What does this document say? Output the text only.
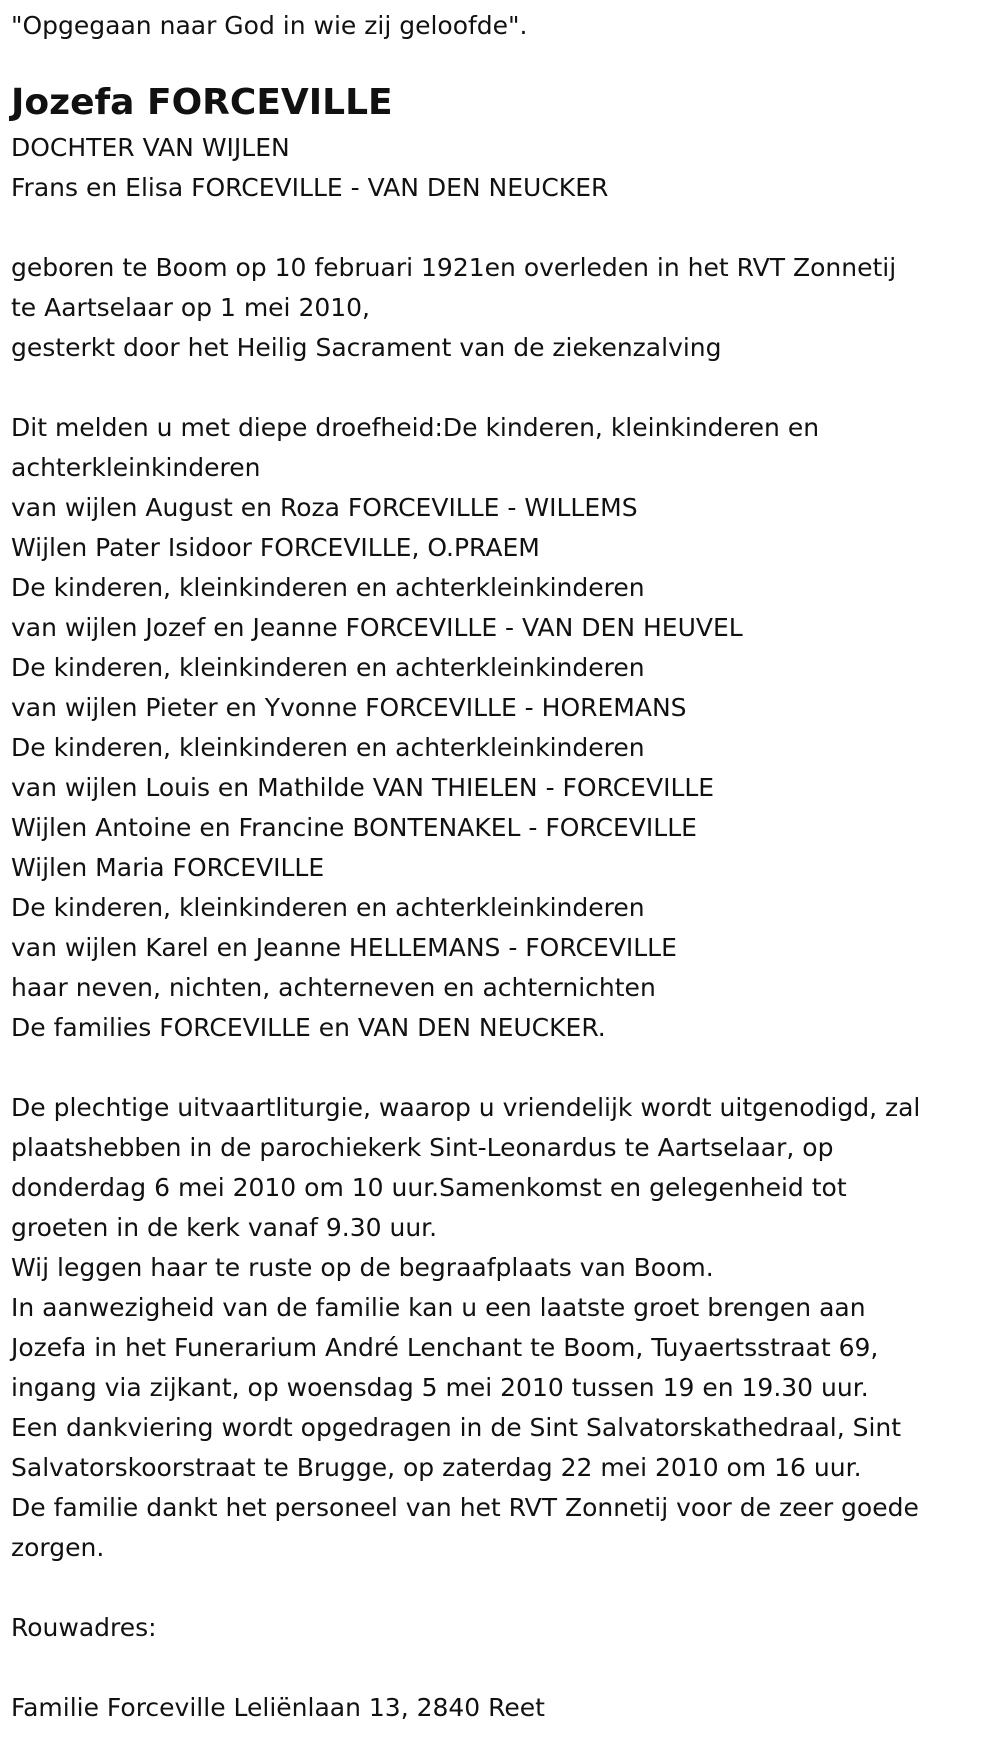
"Opgegaan naar God in wie zij geloofde".
Jozefa FORCEVILLE
DOCHTER VAN WIJLEN
Frans en Elisa FORCEVILLE - VAN DEN NEUCKER
geboren te Boom op 10 februari 1921en overleden in het RVT Zonnetij
te Aartselaar op 1 mei 2010,
gesterkt door het Heilig Sacrament van de ziekenzalving
Dit melden u met diepe droefheid:De kinderen, kleinkinderen en
achterkleinkinderen
van wijlen August en Roza FORCEVILLE - WILLEMS
Wijlen Pater Isidoor FORCEVILLE, O.PRAEM
De kinderen, kleinkinderen en achterkleinkinderen
van wijlen Jozef en Jeanne FORCEVILLE - VAN DEN HEUVEL
De kinderen, kleinkinderen en achterkleinkinderen
van wijlen Pieter en Yvonne FORCEVILLE - HOREMANS
De kinderen, kleinkinderen en achterkleinkinderen
van wijlen Louis en Mathilde VAN THIELEN - FORCEVILLE
Wijlen Antoine en Francine BONTENAKEL - FORCEVILLE
Wijlen Maria FORCEVILLE
De kinderen, kleinkinderen en achterkleinkinderen
van wijlen Karel en Jeanne HELLEMANS - FORCEVILLE
haar neven, nichten, achterneven en achternichten
De families FORCEVILLE en VAN DEN NEUCKER.
De plechtige uitvaartliturgie, waarop u vriendelijk wordt uitgenodigd, zal
plaatshebben in de parochiekerk Sint-Leonardus te Aartselaar, op
donderdag 6 mei 2010 om 10 uur.Samenkomst en gelegenheid tot
groeten in de kerk vanaf 9.30 uur.
Wij leggen haar te ruste op de begraafplaats van Boom.
In aanwezigheid van de familie kan u een laatste groet brengen aan
Jozefa in het Funerarium André Lenchant te Boom, Tuyaertsstraat 69,
ingang via zijkant, op woensdag 5 mei 2010 tussen 19 en 19.30 uur.
Een dankviering wordt opgedragen in de Sint Salvatorskathedraal, Sint
Salvatorskoorstraat te Brugge, op zaterdag 22 mei 2010 om 16 uur.
De familie dankt het personeel van het RVT Zonnetij voor de zeer goede
zorgen.
Rouwadres:
Familie Forceville Leliënlaan 13, 2840 Reet
